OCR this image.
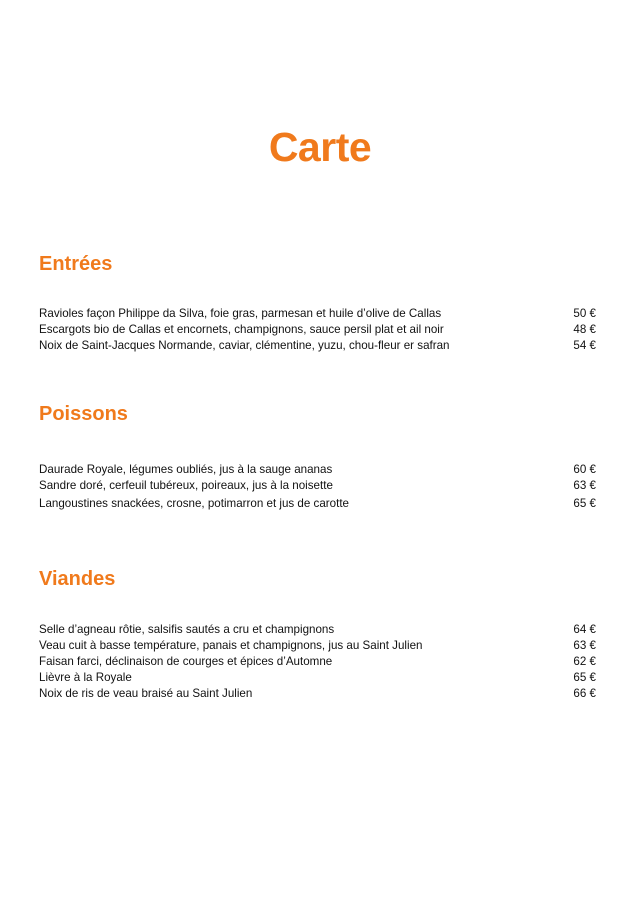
Carte
Entrées
Ravioles façon Philippe da Silva, foie gras, parmesan et huile d’olive de Callas	50 €
Escargots bio de Callas et encornets, champignons, sauce persil plat et ail noir	48 €
Noix de Saint-Jacques Normande, caviar, clémentine, yuzu, chou-fleur er safran	54 €
Poissons
Daurade Royale, légumes oubliés, jus à la sauge ananas	60 €
Sandre doré, cerfeuil tubéreux, poireaux, jus à la noisette	63 €
Langoustines snackées, crosne, potimarron et jus de carotte	65 €
Viandes
Selle d’agneau rôtie, salsifis sautés a cru et champignons	64 €
Veau cuit à basse température, panais et champignons, jus au Saint Julien	63 €
Faisan farci, déclinaison de courges et épices d’Automne	62 €
Lièvre à la Royale	65 €
Noix de ris de veau braisé au Saint Julien	66 €
